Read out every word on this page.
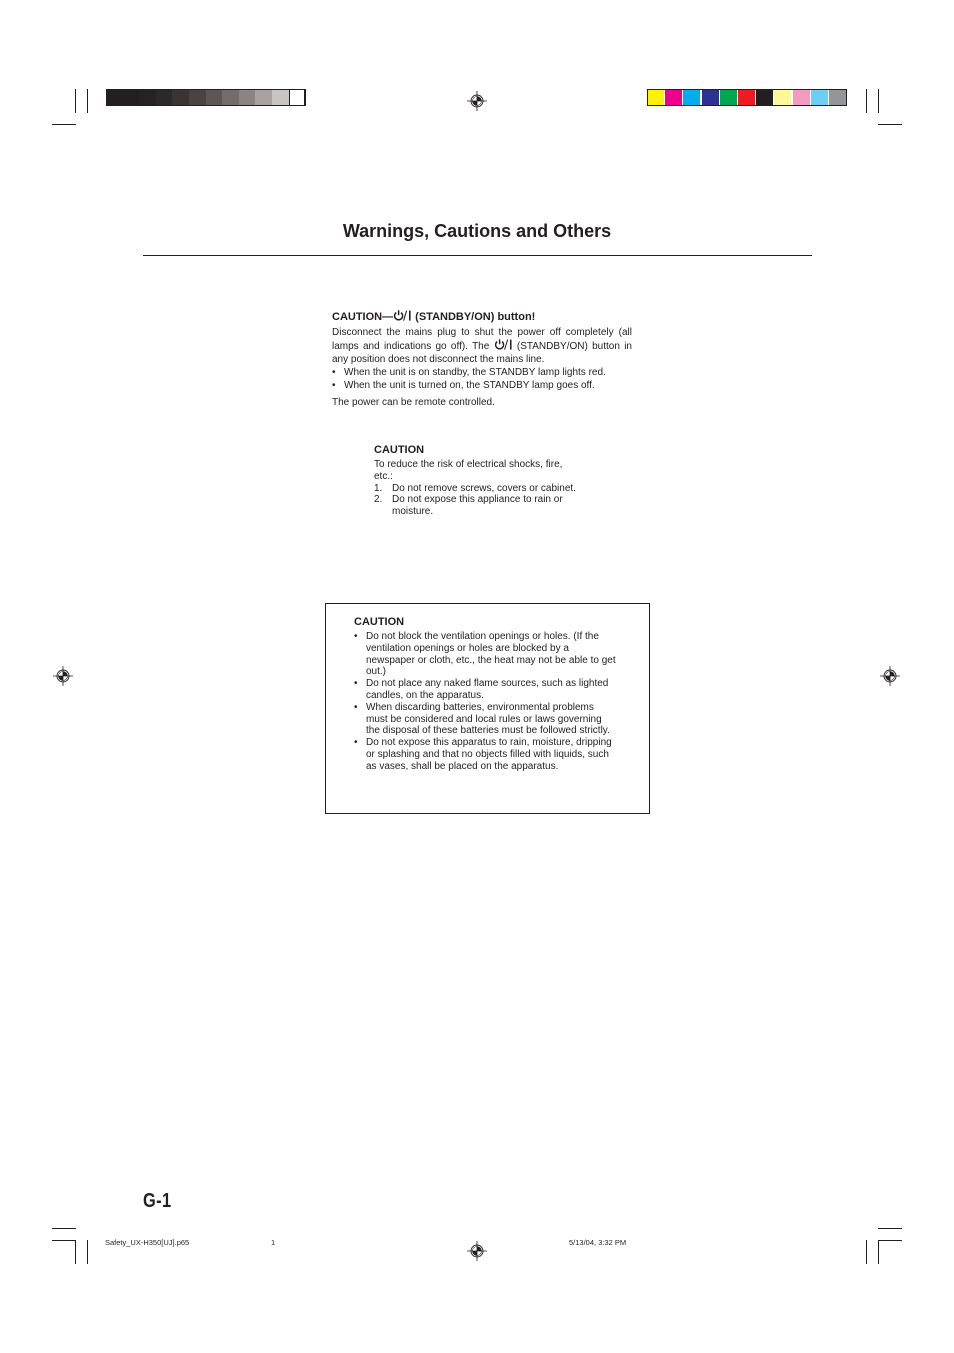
Warnings, Cautions and Others
CAUTION— (STANDBY/ON) button!
Disconnect the mains plug to shut the power off completely (all lamps and indications go off). The  (STANDBY/ON) button in any position does not disconnect the mains line.
• When the unit is on standby, the STANDBY lamp lights red.
• When the unit is turned on, the STANDBY lamp goes off.
The power can be remote controlled.
CAUTION
To reduce the risk of electrical shocks, fire, etc.:
1. Do not remove screws, covers or cabinet.
2. Do not expose this appliance to rain or moisture.
CAUTION
• Do not block the ventilation openings or holes. (If the ventilation openings or holes are blocked by a newspaper or cloth, etc., the heat may not be able to get out.)
• Do not place any naked flame sources, such as lighted candles, on the apparatus.
• When discarding batteries, environmental problems must be considered and local rules or laws governing the disposal of these batteries must be followed strictly.
• Do not expose this apparatus to rain, moisture, dripping or splashing and that no objects filled with liquids, such as vases, shall be placed on the apparatus.
G-1
Safety_UX-H350[UJ].p65	1	5/13/04, 3:32 PM
